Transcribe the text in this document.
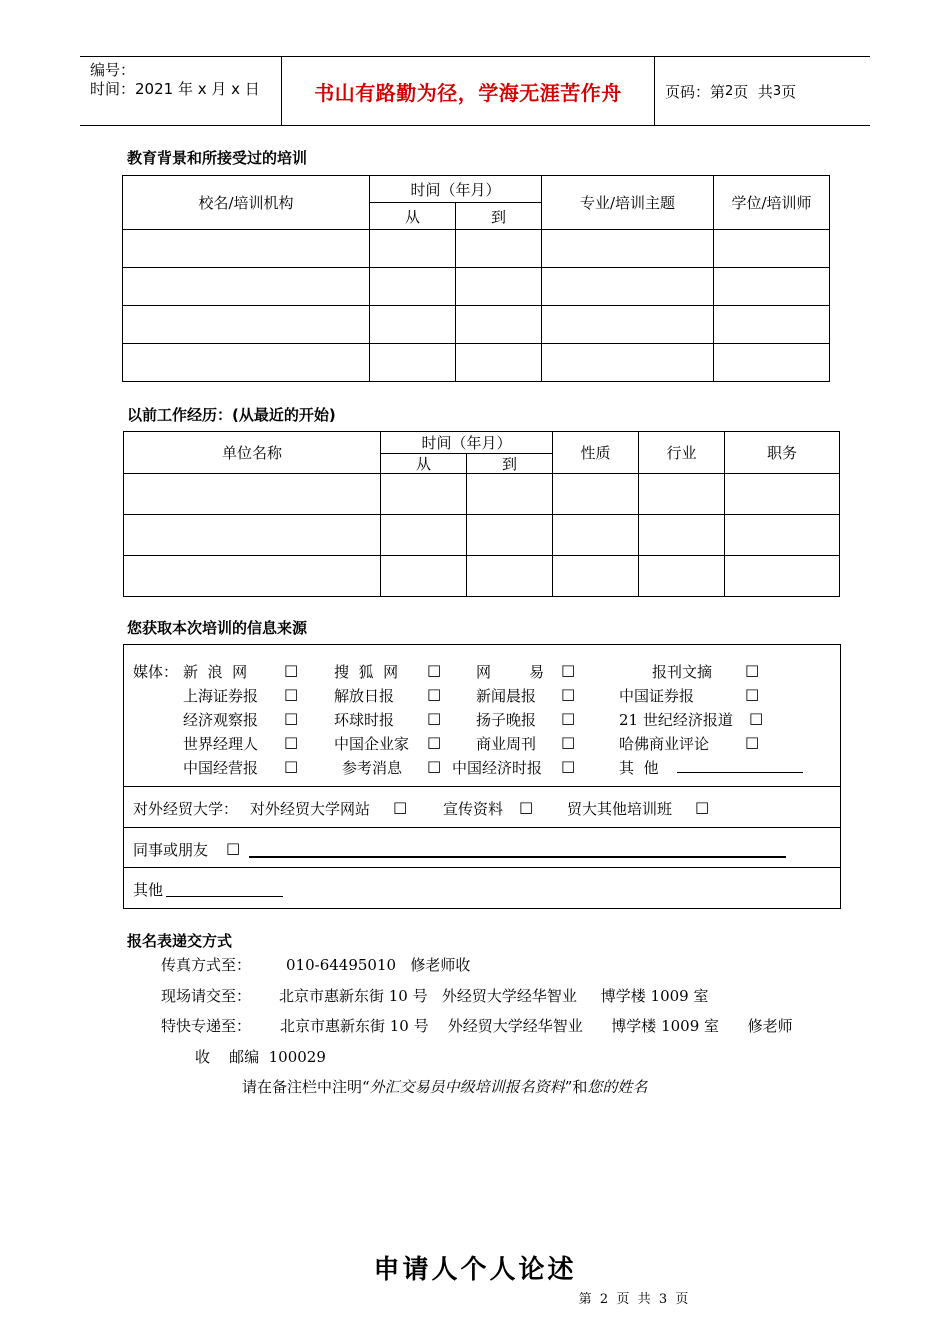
编号：
时间：2021 年 x 月 x 日	书山有路勤为径，学海无涯苦作舟	页码：第 2 页  共 3 页
教育背景和所接受过的培训
校名/培训机构	时间（年月）		专业/培训主题	学位/培训师
	从	到		

以前工作经历：(从最近的开始)
单位名称	时间（年月）		性质	行业	职务
	从	到			

您获取本次培训的信息来源
媒体： 新  浪  网 □ 搜  狐  网 □ 网        易 □	报刊文摘 □
上海证券报 □ 解放日报 □ 新闻晨报 □	中国证券报	□
经济观察报 □ 环球时报 □ 扬子晚报 □	21 世纪经济报道 □
世界经理人 □ 中国企业家 □ 商业周刊 □	哈佛商业评论 □
中国经营报 □	参考消息 □ 中国经济时报 □	其  他
对外经贸大学： 对外经贸大学网站 □ 宣传资料 □ 贸大其他培训班 □
同事或朋友 □
其他
报名表递交方式
传真方式至： 010-64495010   修老师收
现场请交至： 北京市惠新东街 10 号   外经贸大学经华智业     博学楼 1009 室
特快专递至： 北京市惠新东街 10 号    外经贸大学经华智业      博学楼 1009 室      修老师
收    邮编  100029
请在备注栏中注明“外汇交易员中级培训报名资料”和您的姓名
申请人个人论述
第  2  页  共  3  页
